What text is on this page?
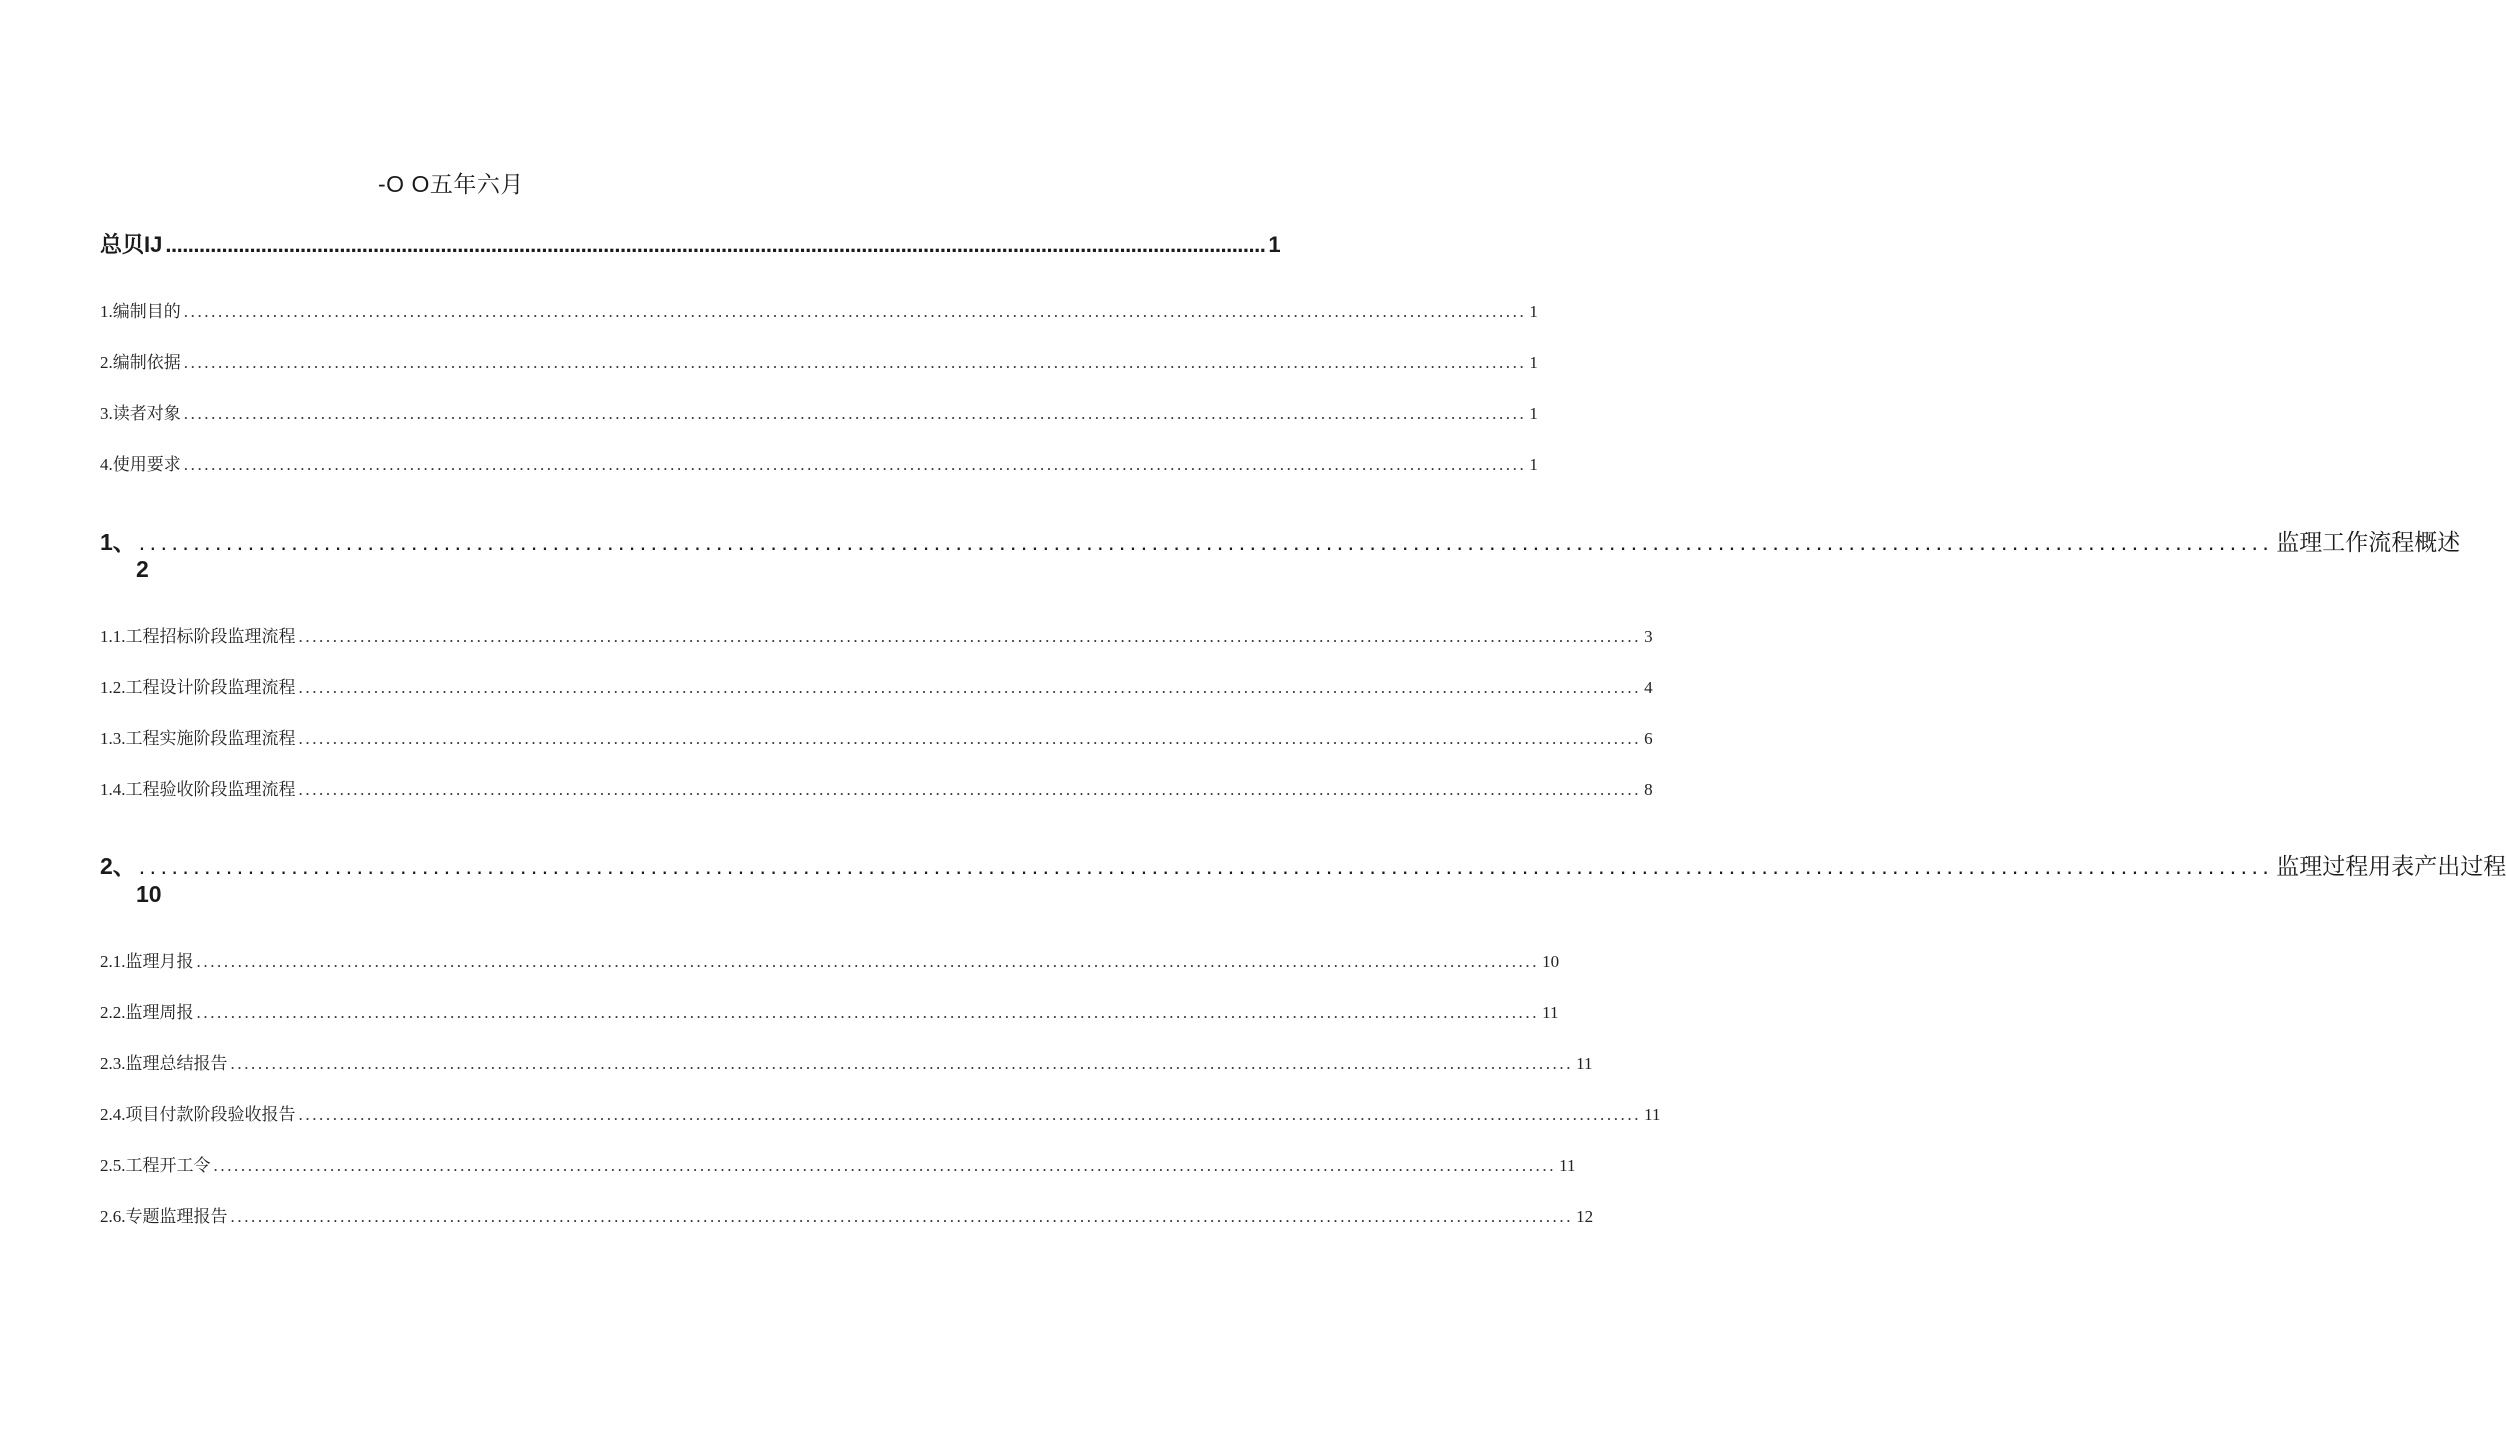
-O O五年六月
总贝IJ .................................................................................................................................................................................................... 1
1. 编制目的 .................................................................................................................................................................................................... 1
2. 编制依据 .................................................................................................................................................................................................... 1
3. 读者对象 .................................................................................................................................................................................................... 1
4. 使用要求 .................................................................................................................................................................................................... 1
1、 .................................................................................................................................................................................................... 监理工作流程概述
2
1.1. 工程招标阶段监理流程 .................................................................................................................................................................................................... 3
1.2. 工程设计阶段监理流程 .................................................................................................................................................................................................... 4
1.3. 工程实施阶段监理流程 .................................................................................................................................................................................................... 6
1.4. 工程验收阶段监理流程 .................................................................................................................................................................................................... 8
2、 .................................................................................................................................................................................................... 监理过程用表产出过程
10
2.1. 监理月报 .................................................................................................................................................................................................... 10
2.2. 监理周报 .................................................................................................................................................................................................... 11
2.3. 监理总结报告 .................................................................................................................................................................................................... 11
2.4. 项目付款阶段验收报告 .................................................................................................................................................................................................... 11
2.5. 工程开工令 .................................................................................................................................................................................................... 11
2.6. 专题监理报告 .................................................................................................................................................................................................... 12
